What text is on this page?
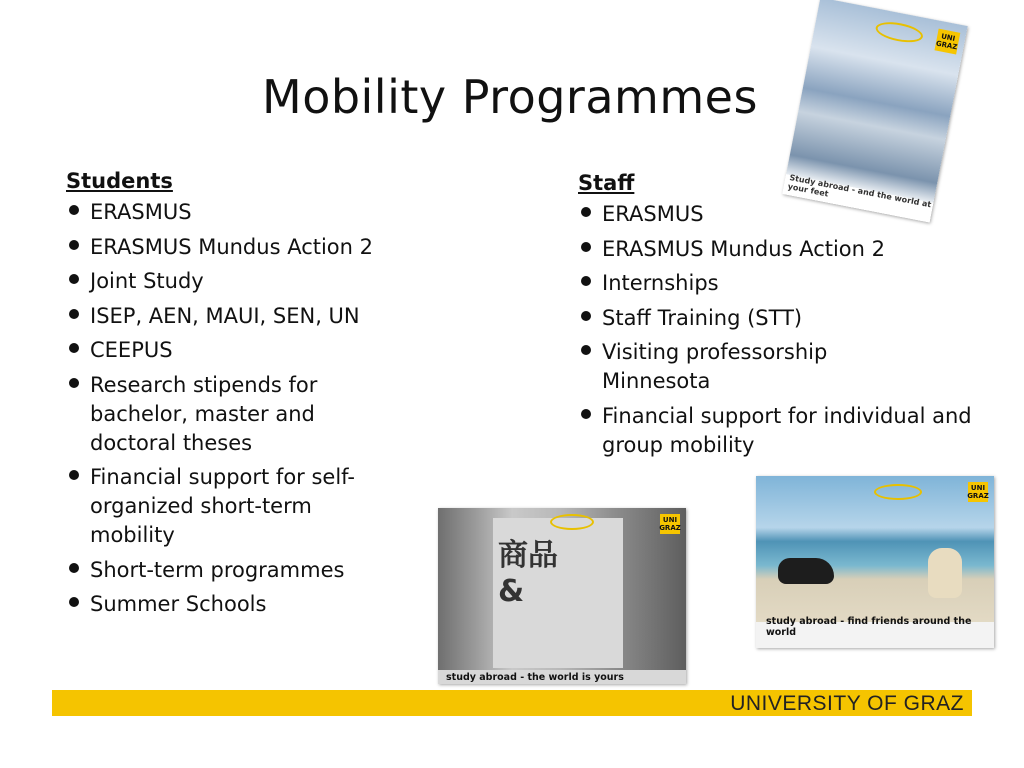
Mobility Programmes
Students
ERASMUS
ERASMUS Mundus Action 2
Joint Study
ISEP, AEN, MAUI, SEN, UN
CEEPUS
Research stipends for bachelor, master and doctoral theses
Financial support for self-organized short-term mobility
Short-term programmes
Summer Schools
Staff
ERASMUS
ERASMUS Mundus Action 2
Internships
Staff Training (STT)
Visiting professorship Minnesota
Financial support for individual and group mobility
UNI GRAZ
Study abroad - and the world at your feet
商品
&
UNI GRAZ
study abroad - the world is yours
UNI GRAZ
study abroad - find friends around the world
UNIVERSITY OF GRAZ
